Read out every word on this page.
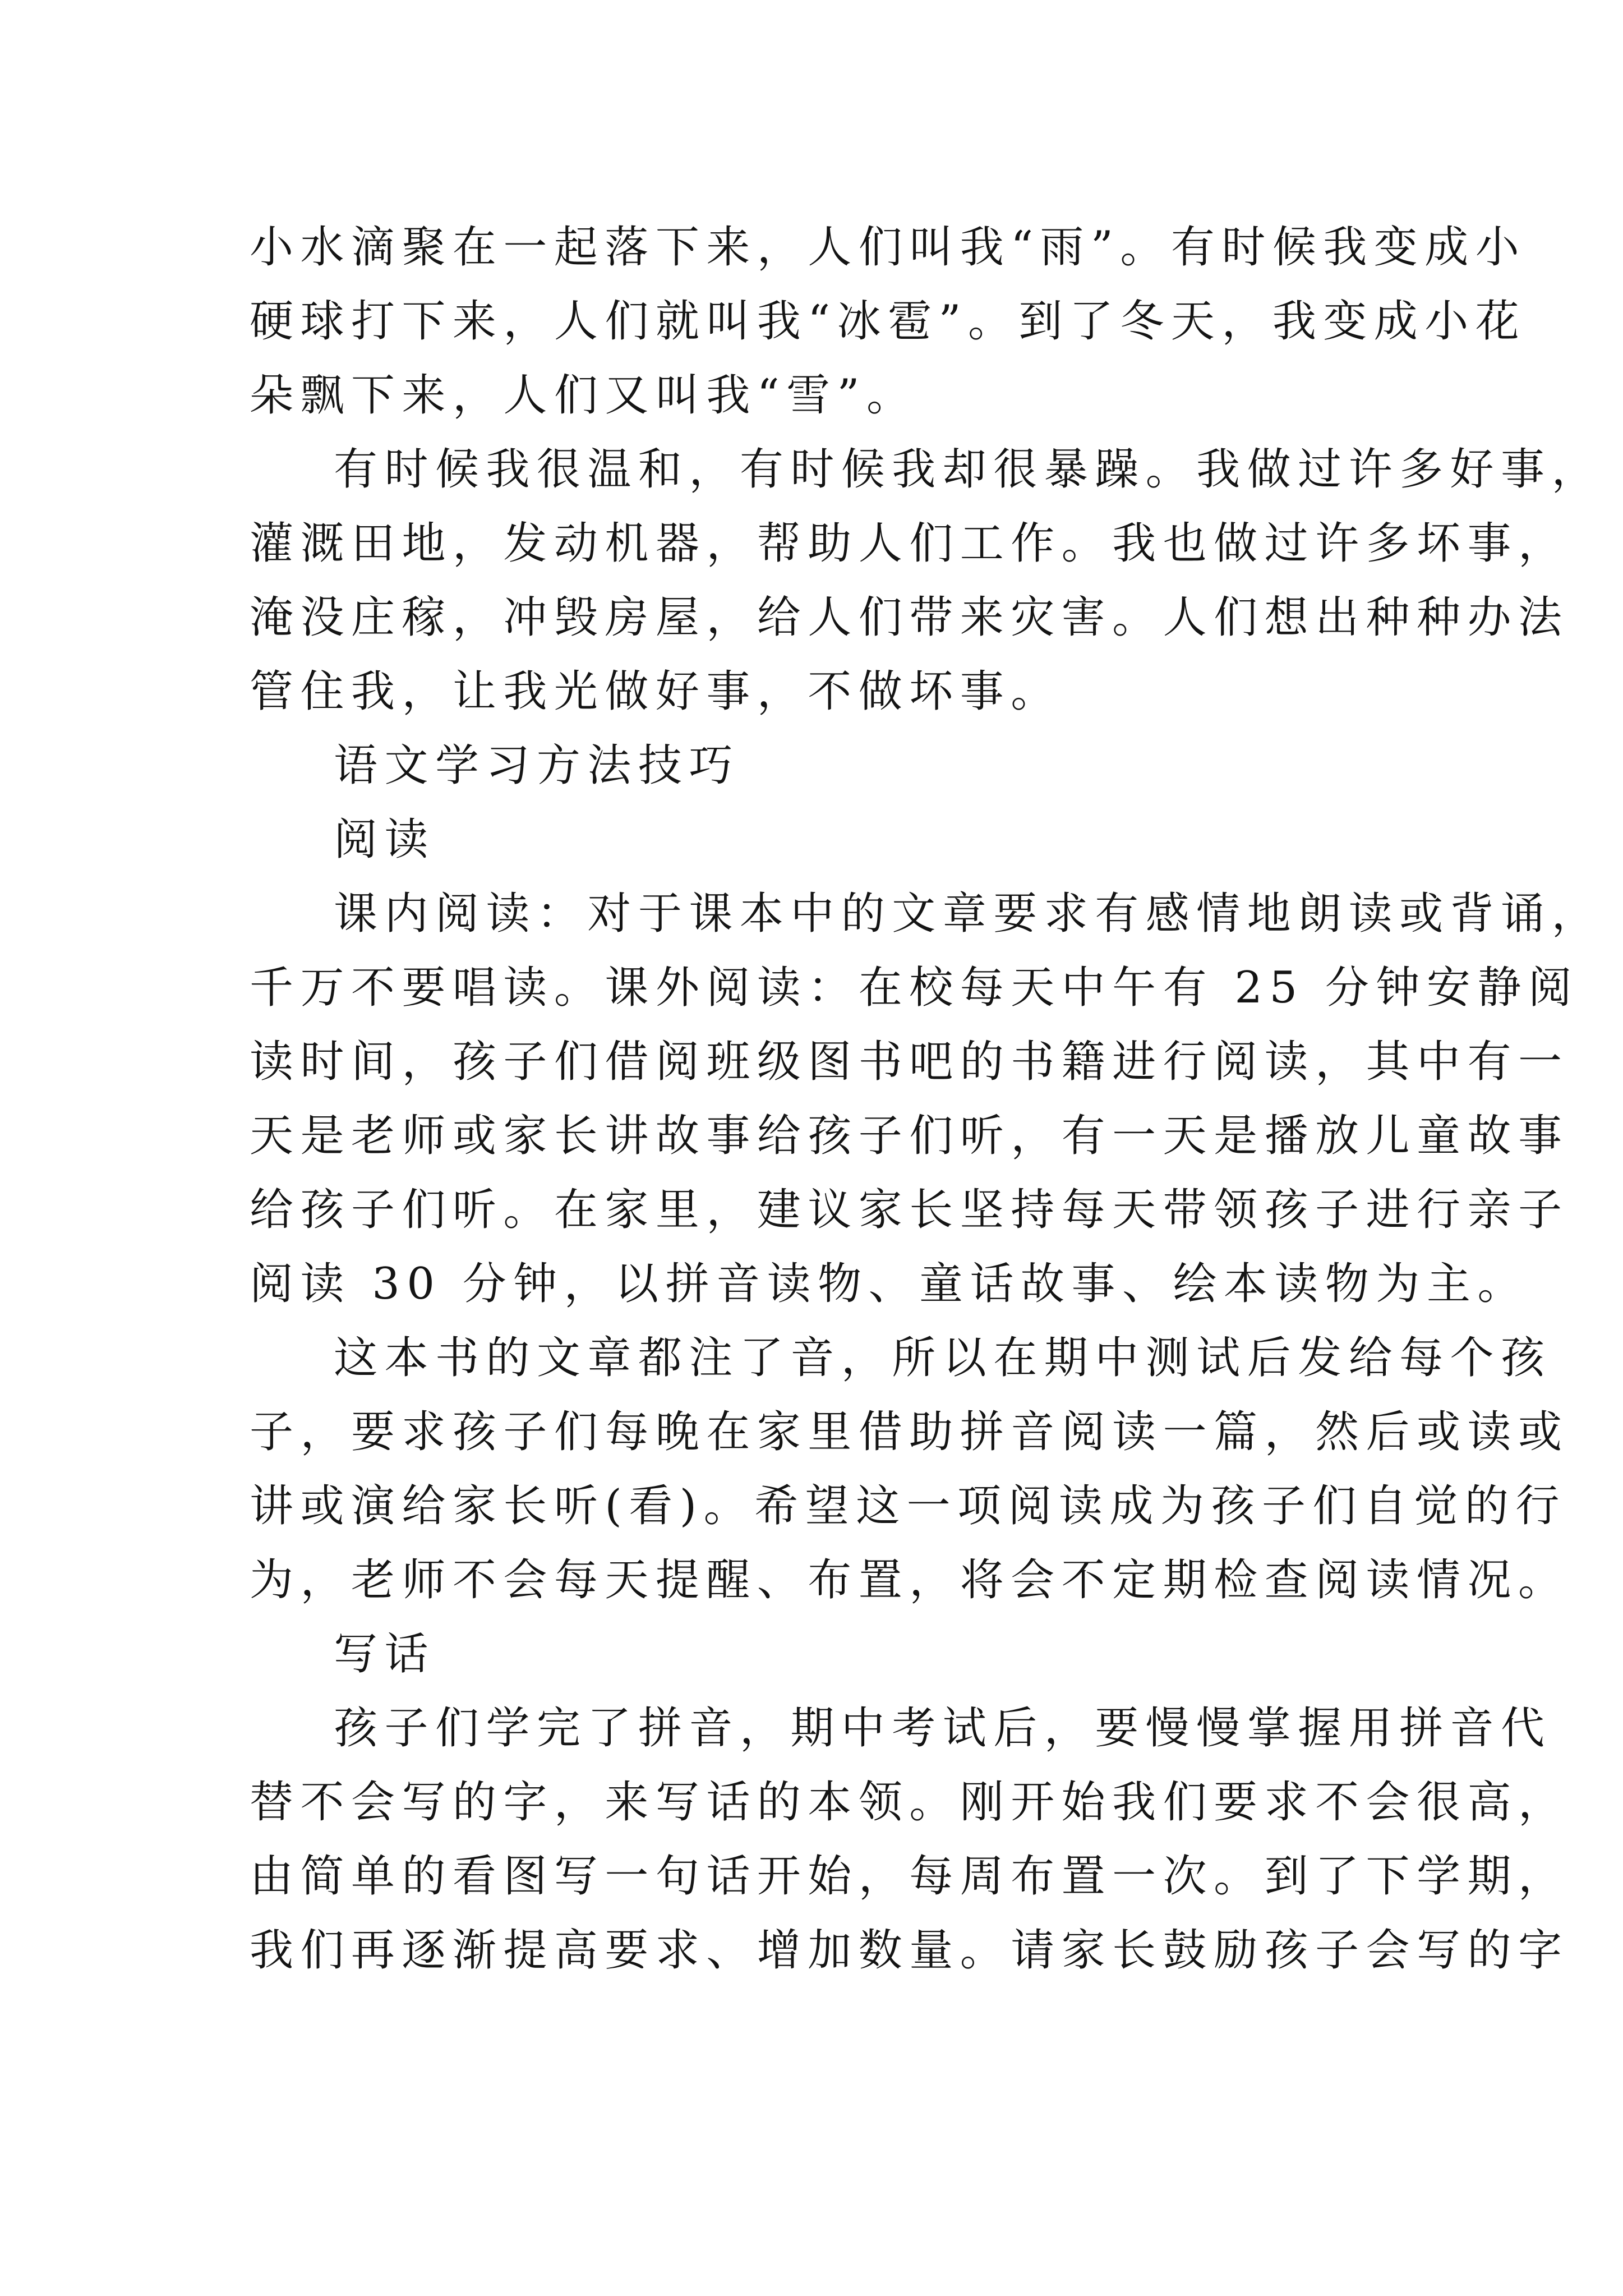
小水滴聚在一起落下来，人们叫我“雨”。有时候我变成小
硬球打下来，人们就叫我“冰雹”。到了冬天，我变成小花
朵飘下来，人们又叫我“雪”。
有时候我很温和，有时候我却很暴躁。我做过许多好事，
灌溉田地，发动机器，帮助人们工作。我也做过许多坏事，
淹没庄稼，冲毁房屋，给人们带来灾害。人们想出种种办法
管住我，让我光做好事，不做坏事。
语文学习方法技巧
阅读
课内阅读：对于课本中的文章要求有感情地朗读或背诵，
千万不要唱读。课外阅读：在校每天中午有 25 分钟安静阅
读时间，孩子们借阅班级图书吧的书籍进行阅读，其中有一
天是老师或家长讲故事给孩子们听，有一天是播放儿童故事
给孩子们听。在家里，建议家长坚持每天带领孩子进行亲子
阅读 30 分钟，以拼音读物、童话故事、绘本读物为主。
这本书的文章都注了音，所以在期中测试后发给每个孩
子，要求孩子们每晚在家里借助拼音阅读一篇，然后或读或
讲或演给家长听(看)。希望这一项阅读成为孩子们自觉的行
为，老师不会每天提醒、布置，将会不定期检查阅读情况。
写话
孩子们学完了拼音，期中考试后，要慢慢掌握用拼音代
替不会写的字，来写话的本领。刚开始我们要求不会很高，
由简单的看图写一句话开始，每周布置一次。到了下学期，
我们再逐渐提高要求、增加数量。请家长鼓励孩子会写的字
